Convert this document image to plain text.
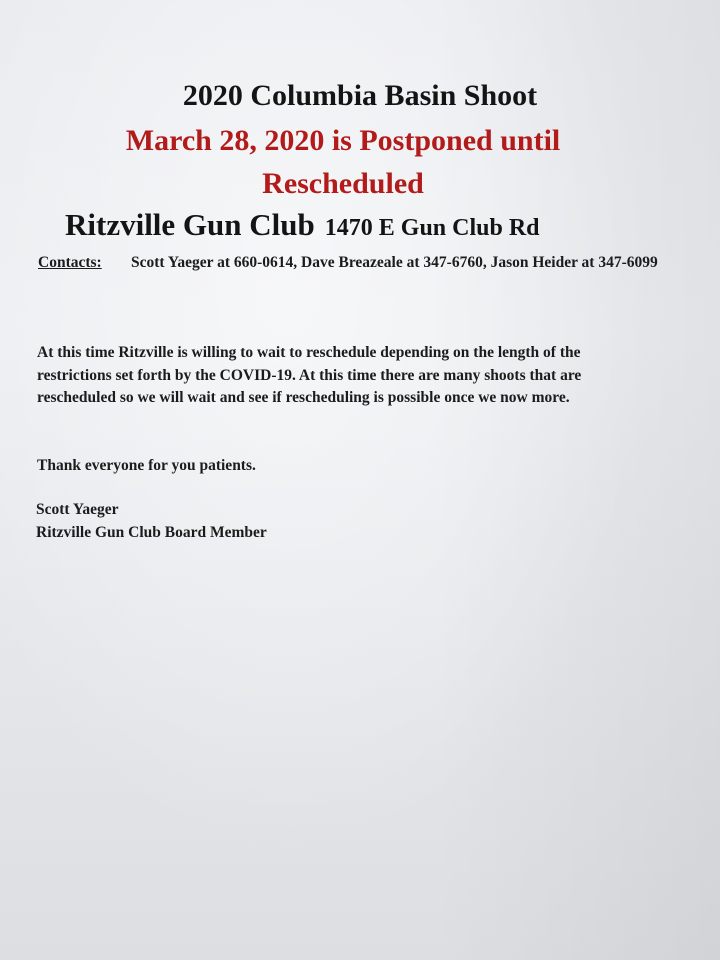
2020 Columbia Basin Shoot
March 28, 2020 is Postponed until
Rescheduled
Ritzville Gun Club 1470 E Gun Club Rd
Contacts: Scott Yaeger at 660-0614, Dave Breazeale at 347-6760, Jason Heider at 347-6099
At this time Ritzville is willing to wait to reschedule depending on the length of the restrictions set forth by the COVID-19. At this time there are many shoots that are rescheduled so we will wait and see if rescheduling is possible once we now more.
Thank everyone for you patients.
Scott Yaeger
Ritzville Gun Club Board Member
